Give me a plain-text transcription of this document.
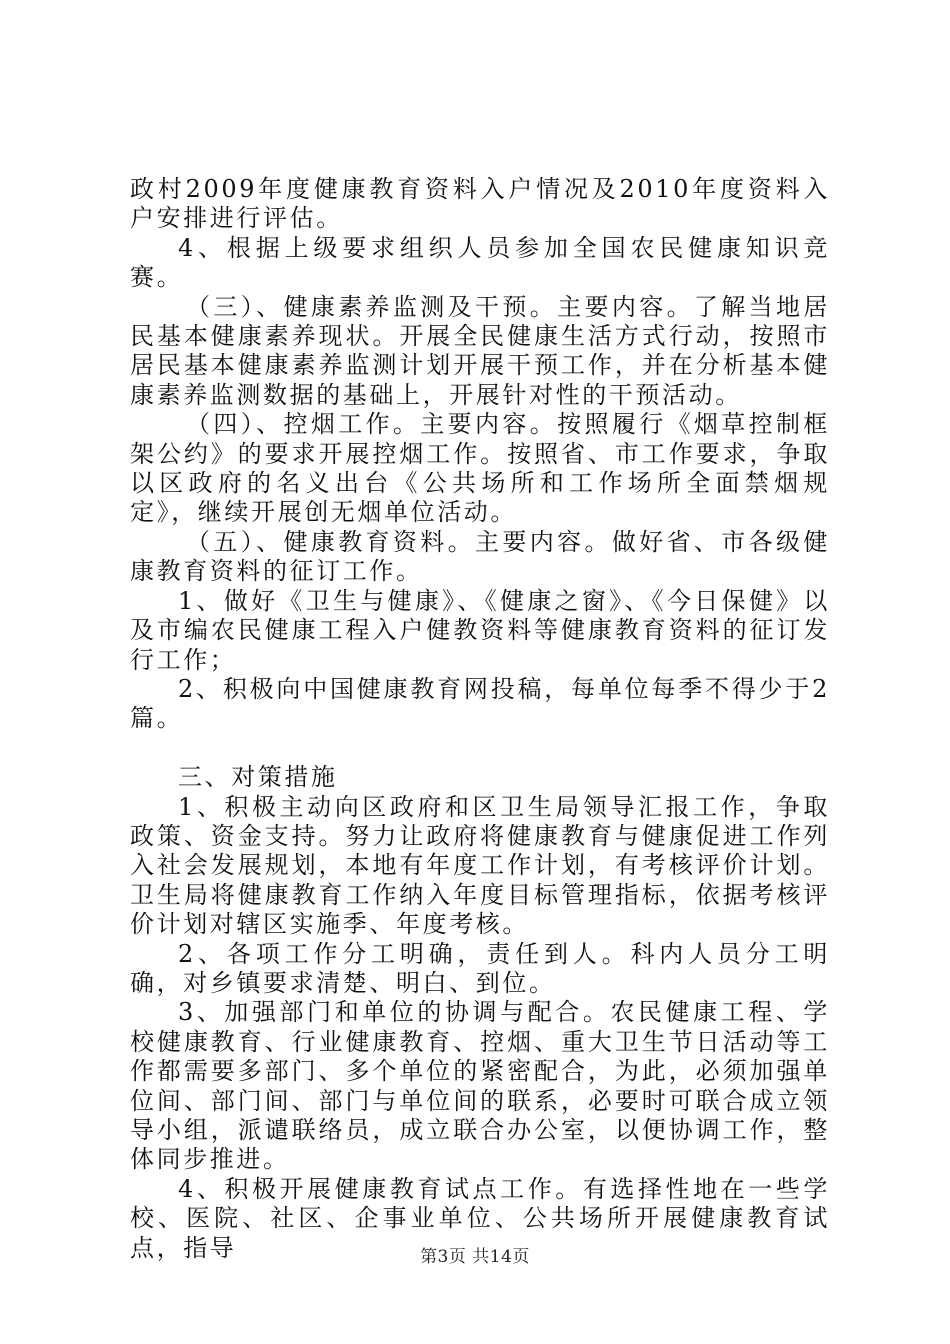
政村2009年度健康教育资料入户情况及2010年度资料入户安排进行评估。

4、根据上级要求组织人员参加全国农民健康知识竞赛。

（三）、健康素养监测及干预。主要内容。了解当地居民基本健康素养现状。开展全民健康生活方式行动，按照市居民基本健康素养监测计划开展干预工作，并在分析基本健康素养监测数据的基础上，开展针对性的干预活动。

（四）、控烟工作。主要内容。按照履行《烟草控制框架公约》的要求开展控烟工作。按照省、市工作要求，争取以区政府的名义出台《公共场所和工作场所全面禁烟规定》，继续开展创无烟单位活动。

（五）、健康教育资料。主要内容。做好省、市各级健康教育资料的征订工作。

1、做好《卫生与健康》、《健康之窗》、《今日保健》以及市编农民健康工程入户健教资料等健康教育资料的征订发行工作；

2、积极向中国健康教育网投稿，每单位每季不得少于2篇。

三、对策措施

1、积极主动向区政府和区卫生局领导汇报工作，争取政策、资金支持。努力让政府将健康教育与健康促进工作列入社会发展规划，本地有年度工作计划，有考核评价计划。卫生局将健康教育工作纳入年度目标管理指标，依据考核评价计划对辖区实施季、年度考核。

2、各项工作分工明确，责任到人。科内人员分工明确，对乡镇要求清楚、明白、到位。

3、加强部门和单位的协调与配合。农民健康工程、学校健康教育、行业健康教育、控烟、重大卫生节日活动等工作都需要多部门、多个单位的紧密配合，为此，必须加强单位间、部门间、部门与单位间的联系，必要时可联合成立领导小组，派谴联络员，成立联合办公室，以便协调工作，整体同步推进。

4、积极开展健康教育试点工作。有选择性地在一些学校、医院、社区、企事业单位、公共场所开展健康教育试点，指导	第3页 共14页
